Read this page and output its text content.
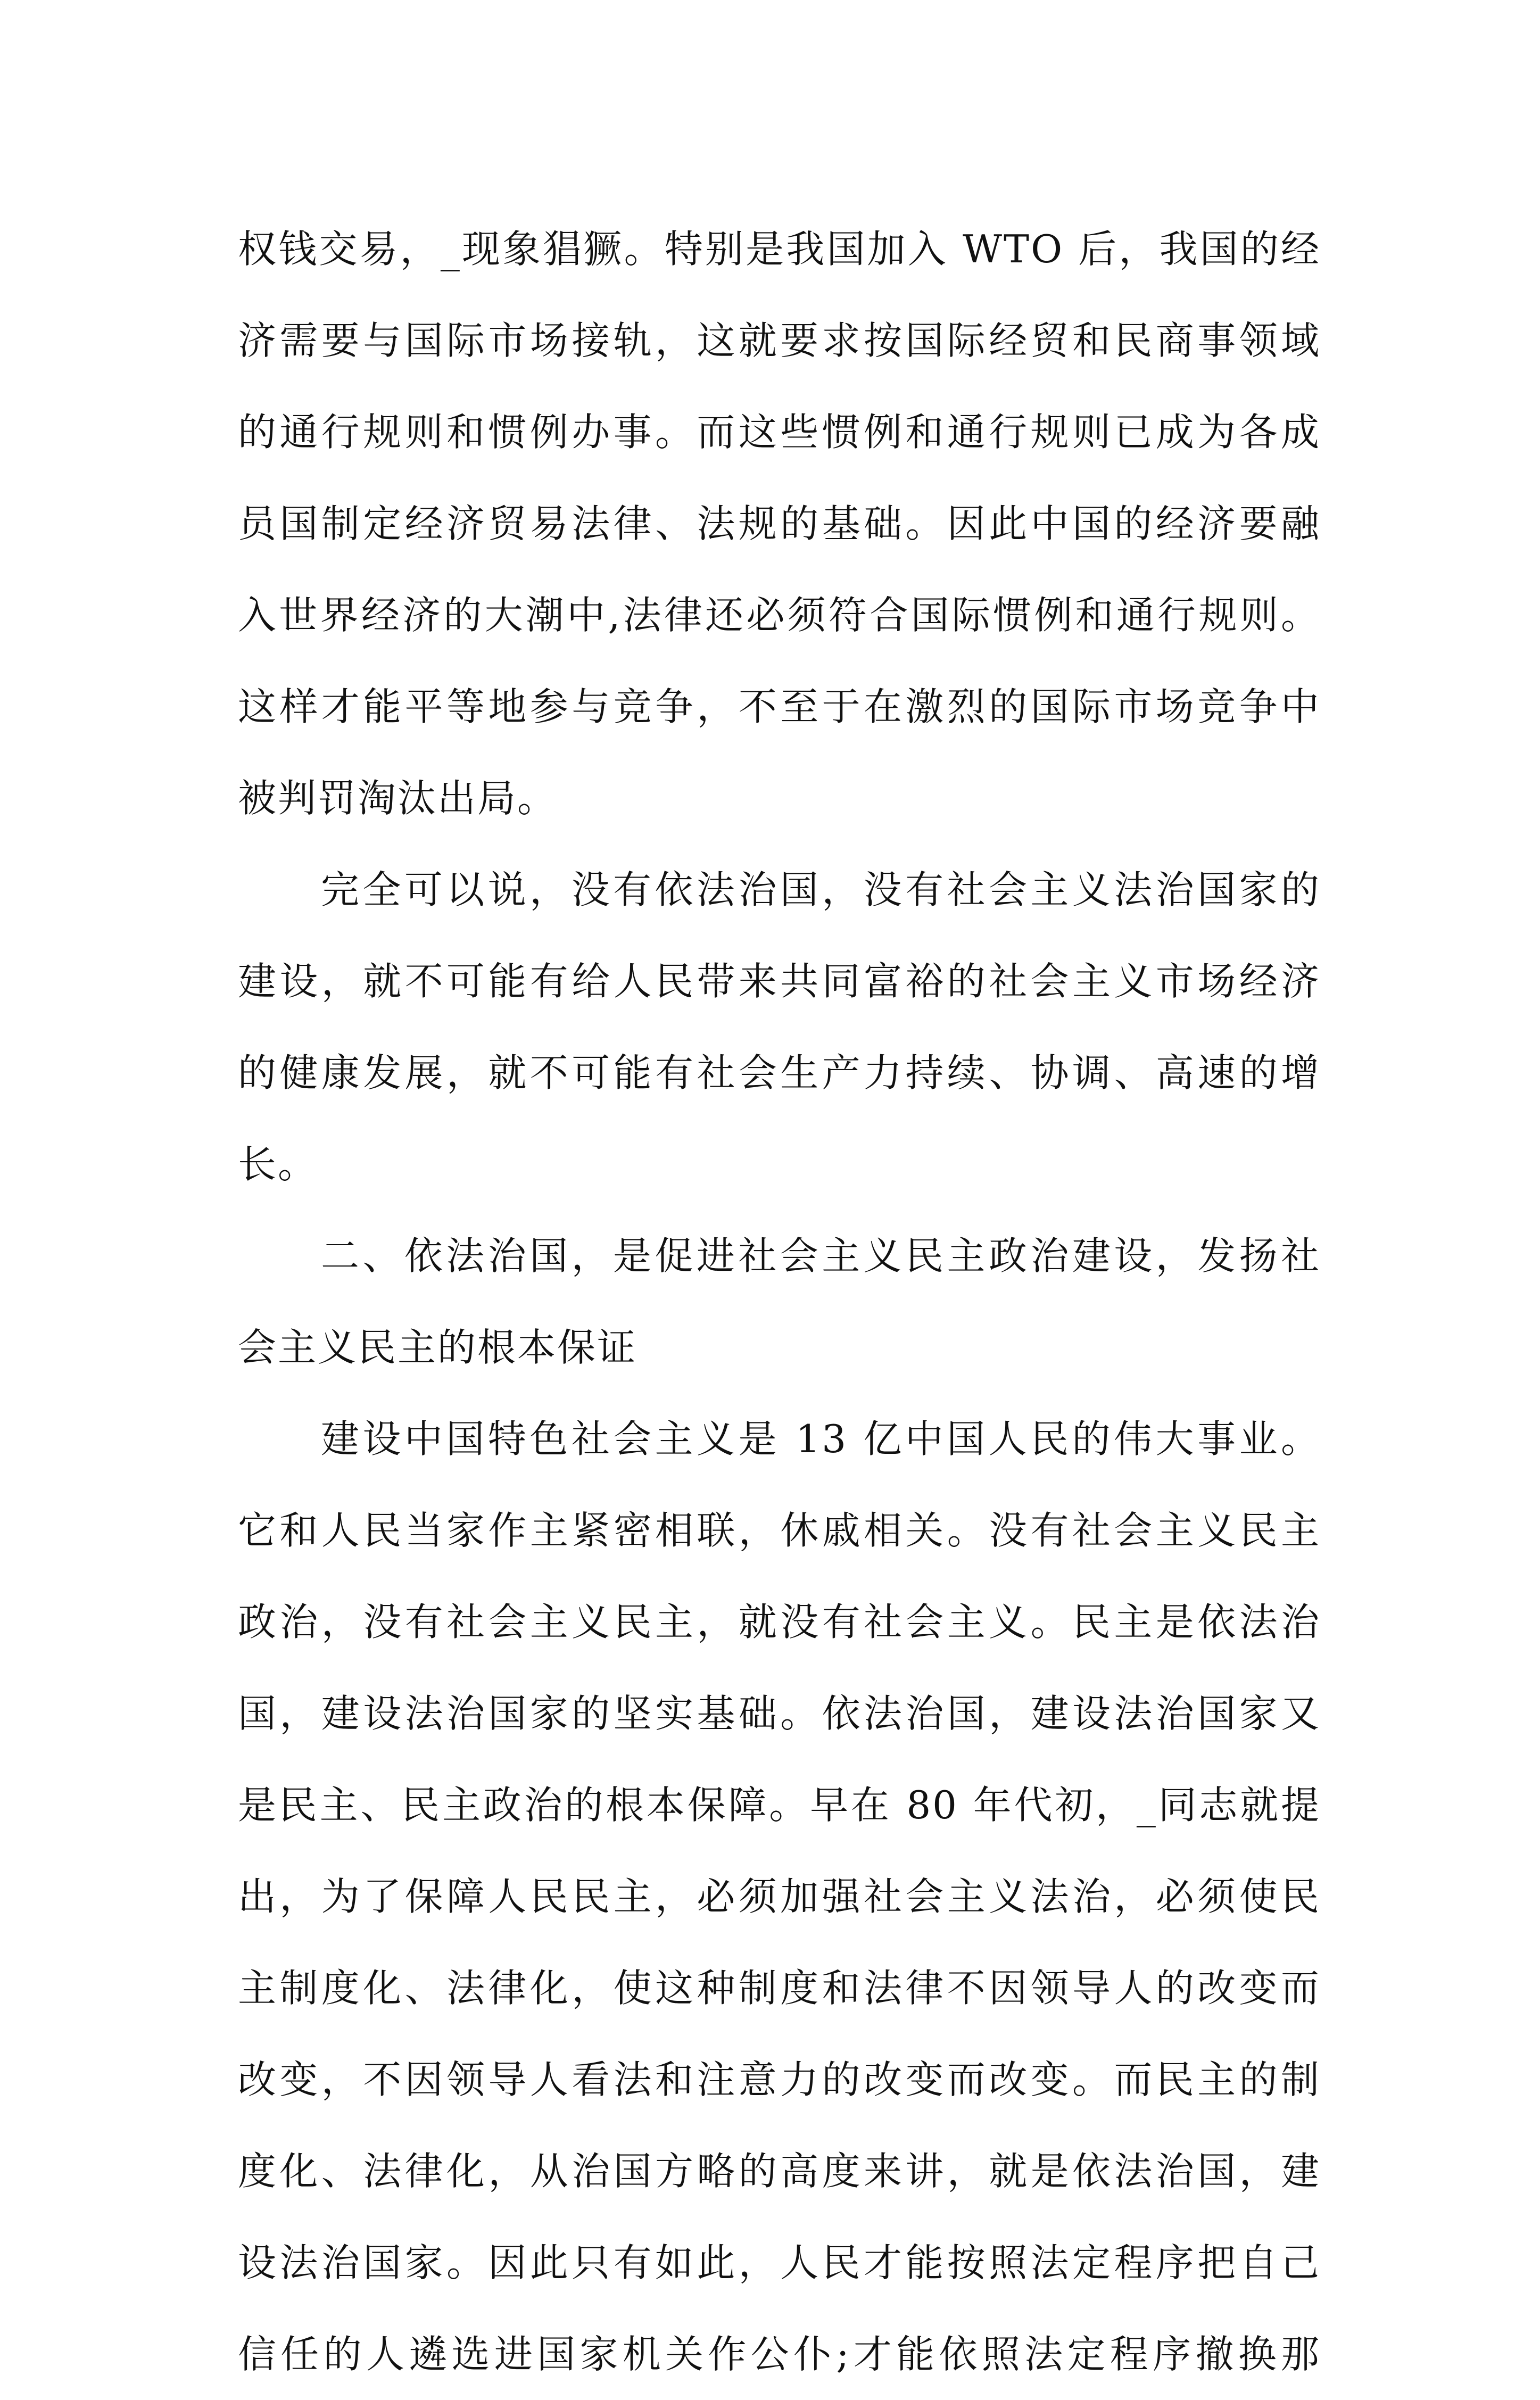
权钱交易，_现象猖獗。特别是我国加入 WTO 后，我国的经
济需要与国际市场接轨，这就要求按国际经贸和民商事领域
的通行规则和惯例办事。而这些惯例和通行规则已成为各成
员国制定经济贸易法律、法规的基础。因此中国的经济要融
入世界经济的大潮中,法律还必须符合国际惯例和通行规则。
这样才能平等地参与竞争，不至于在激烈的国际市场竞争中
被判罚淘汰出局。

完全可以说，没有依法治国，没有社会主义法治国家的
建设，就不可能有给人民带来共同富裕的社会主义市场经济
的健康发展，就不可能有社会生产力持续、协调、高速的增
长。

二、依法治国，是促进社会主义民主政治建设，发扬社
会主义民主的根本保证

建设中国特色社会主义是 13 亿中国人民的伟大事业。
它和人民当家作主紧密相联，休戚相关。没有社会主义民主
政治，没有社会主义民主，就没有社会主义。民主是依法治
国，建设法治国家的坚实基础。依法治国，建设法治国家又
是民主、民主政治的根本保障。早在 80 年代初，_同志就提
出，为了保障人民民主，必须加强社会主义法治，必须使民
主制度化、法律化，使这种制度和法律不因领导人的改变而
改变，不因领导人看法和注意力的改变而改变。而民主的制
度化、法律化，从治国方略的高度来讲，就是依法治国，建
设法治国家。因此只有如此，人民才能按照法定程序把自己
信任的人遴选进国家机关作公仆;才能依照法定程序撤换那
